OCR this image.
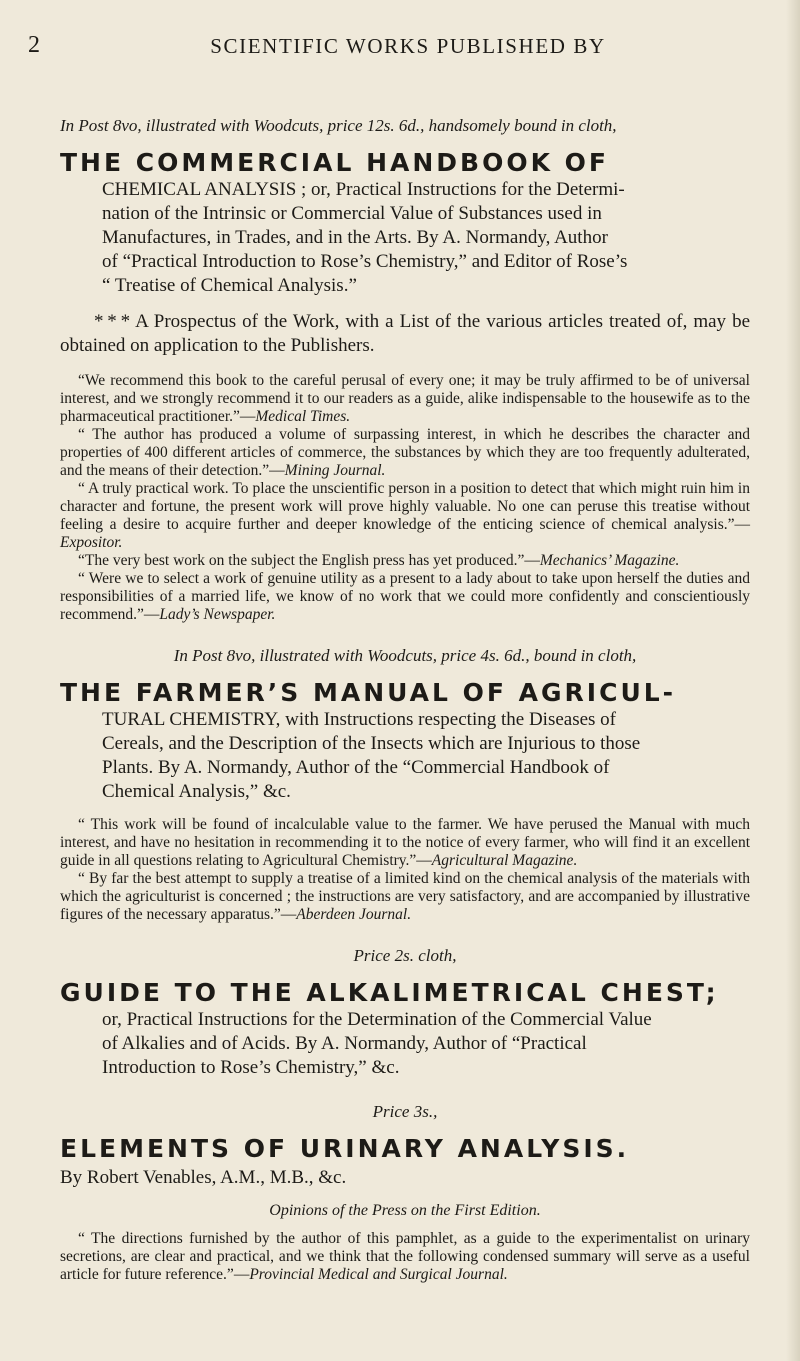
2	SCIENTIFIC WORKS PUBLISHED BY

In Post 8vo, illustrated with Woodcuts, price 12s. 6d., handsomely bound in cloth,

THE COMMERCIAL HANDBOOK OF
CHEMICAL ANALYSIS ; or, Practical Instructions for the Determi-
nation of the Intrinsic or Commercial Value of Substances used in
Manufactures, in Trades, and in the Arts. By A. Normandy, Author
of “Practical Introduction to Rose’s Chemistry,” and Editor of Rose’s
“ Treatise of Chemical Analysis.”

* * * A Prospectus of the Work, with a List of the various articles treated of, may be obtained on application to the Publishers.

“We recommend this book to the careful perusal of every one; it may be truly affirmed to be of universal interest, and we strongly recommend it to our readers as a guide, alike indispensable to the housewife as to the pharmaceutical practitioner.”—Medical Times.

“ The author has produced a volume of surpassing interest, in which he describes the character and properties of 400 different articles of commerce, the substances by which they are too frequently adulterated, and the means of their detection.”—Mining Journal.

“ A truly practical work. To place the unscientific person in a position to detect that which might ruin him in character and fortune, the present work will prove highly valuable. No one can peruse this treatise without feeling a desire to acquire further and deeper knowledge of the enticing science of chemical analysis.”—Expositor.

“The very best work on the subject the English press has yet produced.”—Mechanics’ Magazine.

“ Were we to select a work of genuine utility as a present to a lady about to take upon herself the duties and responsibilities of a married life, we know of no work that we could more confidently and conscientiously recommend.”—Lady’s Newspaper.

In Post 8vo, illustrated with Woodcuts, price 4s. 6d., bound in cloth,

THE FARMER’S MANUAL OF AGRICUL-
TURAL CHEMISTRY, with Instructions respecting the Diseases of
Cereals, and the Description of the Insects which are Injurious to those
Plants. By A. Normandy, Author of the “Commercial Handbook of
Chemical Analysis,” &c.

“ This work will be found of incalculable value to the farmer. We have perused the Manual with much interest, and have no hesitation in recommending it to the notice of every farmer, who will find it an excellent guide in all questions relating to Agricultural Chemistry.”—Agricultural Magazine.

“ By far the best attempt to supply a treatise of a limited kind on the chemical analysis of the materials with which the agriculturist is concerned ; the instructions are very satisfactory, and are accompanied by illustrative figures of the necessary apparatus.”—Aberdeen Journal.

Price 2s. cloth,

GUIDE TO THE ALKALIMETRICAL CHEST;
or, Practical Instructions for the Determination of the Commercial Value
of Alkalies and of Acids. By A. Normandy, Author of “Practical
Introduction to Rose’s Chemistry,” &c.

Price 3s.,

ELEMENTS OF URINARY ANALYSIS.
By Robert Venables, A.M., M.B., &c.
Opinions of the Press on the First Edition.

“ The directions furnished by the author of this pamphlet, as a guide to the experimentalist on urinary secretions, are clear and practical, and we think that the following condensed summary will serve as a useful article for future reference.”—Provincial Medical and Surgical Journal.
